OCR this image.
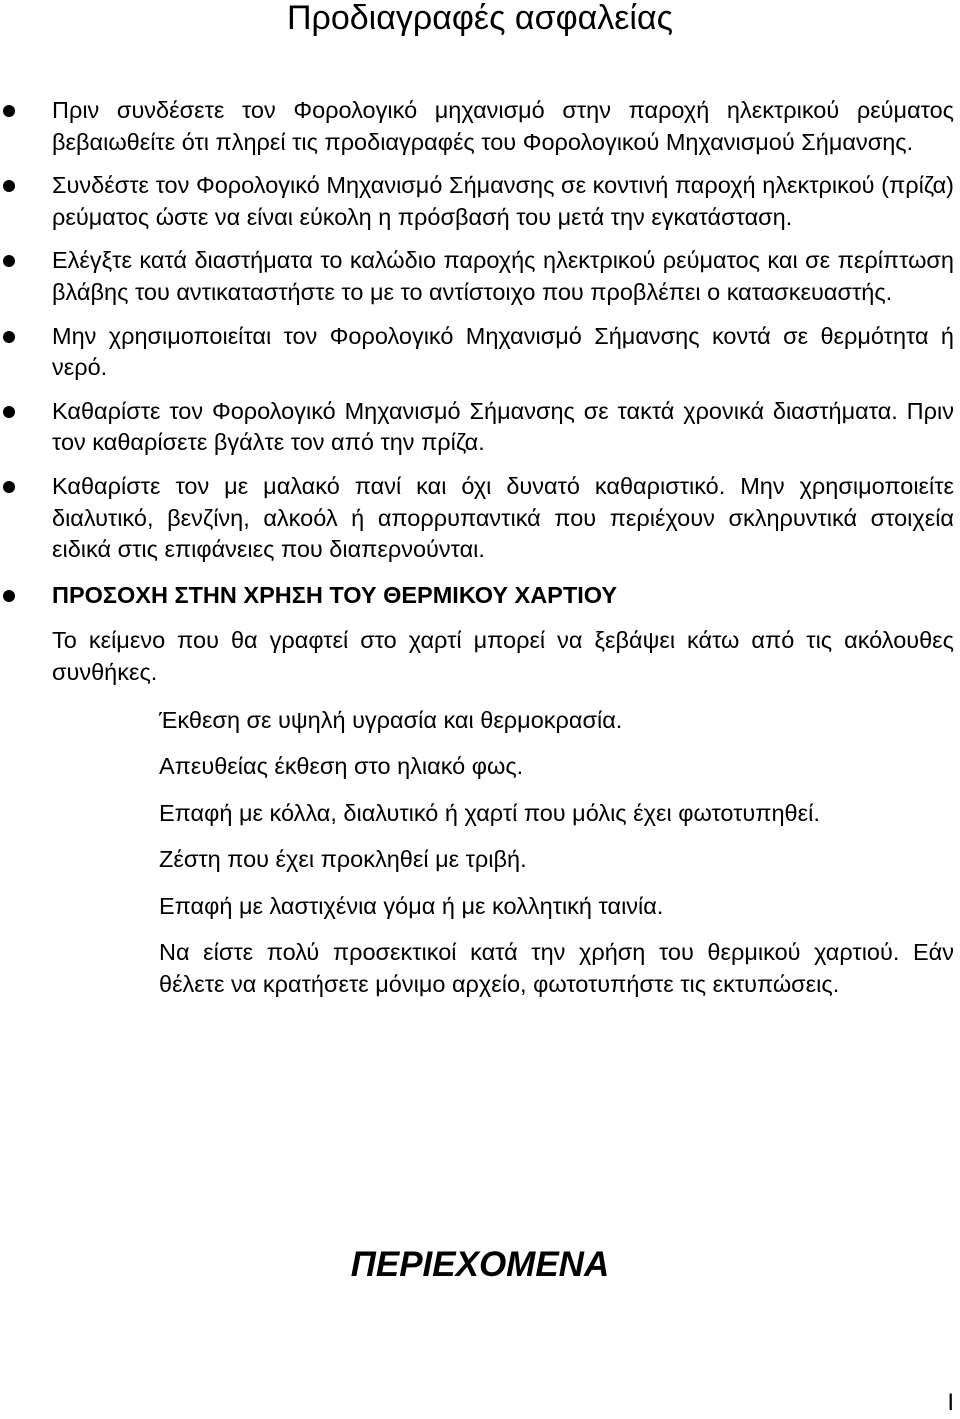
Προδιαγραφές ασφαλείας
Πριν συνδέσετε τον Φορολογικό μηχανισμό στην παροχή ηλεκτρικού ρεύματος βεβαιωθείτε ότι πληρεί τις προδιαγραφές του Φορολογικού Μηχανισμού Σήμανσης.
Συνδέστε τον Φορολογικό Μηχανισμό Σήμανσης σε κοντινή παροχή ηλεκτρικού (πρίζα) ρεύματος ώστε να είναι εύκολη η πρόσβασή του μετά την εγκατάσταση.
Ελέγξτε κατά διαστήματα το καλώδιο παροχής ηλεκτρικού ρεύματος και σε περίπτωση βλάβης του αντικαταστήστε το με το αντίστοιχο που προβλέπει ο κατασκευαστής.
Μην χρησιμοποιείται τον Φορολογικό Μηχανισμό Σήμανσης κοντά σε θερμότητα ή νερό.
Καθαρίστε τον Φορολογικό Μηχανισμό Σήμανσης σε τακτά χρονικά διαστήματα. Πριν τον καθαρίσετε βγάλτε τον από την πρίζα.
Καθαρίστε τον με μαλακό πανί και όχι δυνατό καθαριστικό. Μην χρησιμοποιείτε διαλυτικό, βενζίνη, αλκοόλ ή απορρυπαντικά που περιέχουν σκληρυντικά στοιχεία ειδικά στις επιφάνειες που διαπερνούνται.
ΠΡΟΣΟΧΗ ΣΤΗΝ ΧΡΗΣΗ ΤΟΥ ΘΕΡΜΙΚΟΥ ΧΑΡΤΙΟΥ
Το κείμενο που θα γραφτεί στο χαρτί μπορεί να ξεβάψει κάτω από τις ακόλουθες συνθήκες.
Έκθεση σε υψηλή υγρασία και θερμοκρασία.
Απευθείας έκθεση στο ηλιακό φως.
Επαφή με κόλλα, διαλυτικό ή χαρτί που μόλις έχει φωτοτυπηθεί.
Ζέστη που έχει προκληθεί με τριβή.
Επαφή με λαστιχένια γόμα ή με κολλητική ταινία.
Να είστε πολύ προσεκτικοί κατά την χρήση του θερμικού χαρτιού. Εάν θέλετε να κρατήσετε μόνιμο αρχείο, φωτοτυπήστε τις εκτυπώσεις.
ΠΕΡΙΕΧΟΜΕΝΑ
I
